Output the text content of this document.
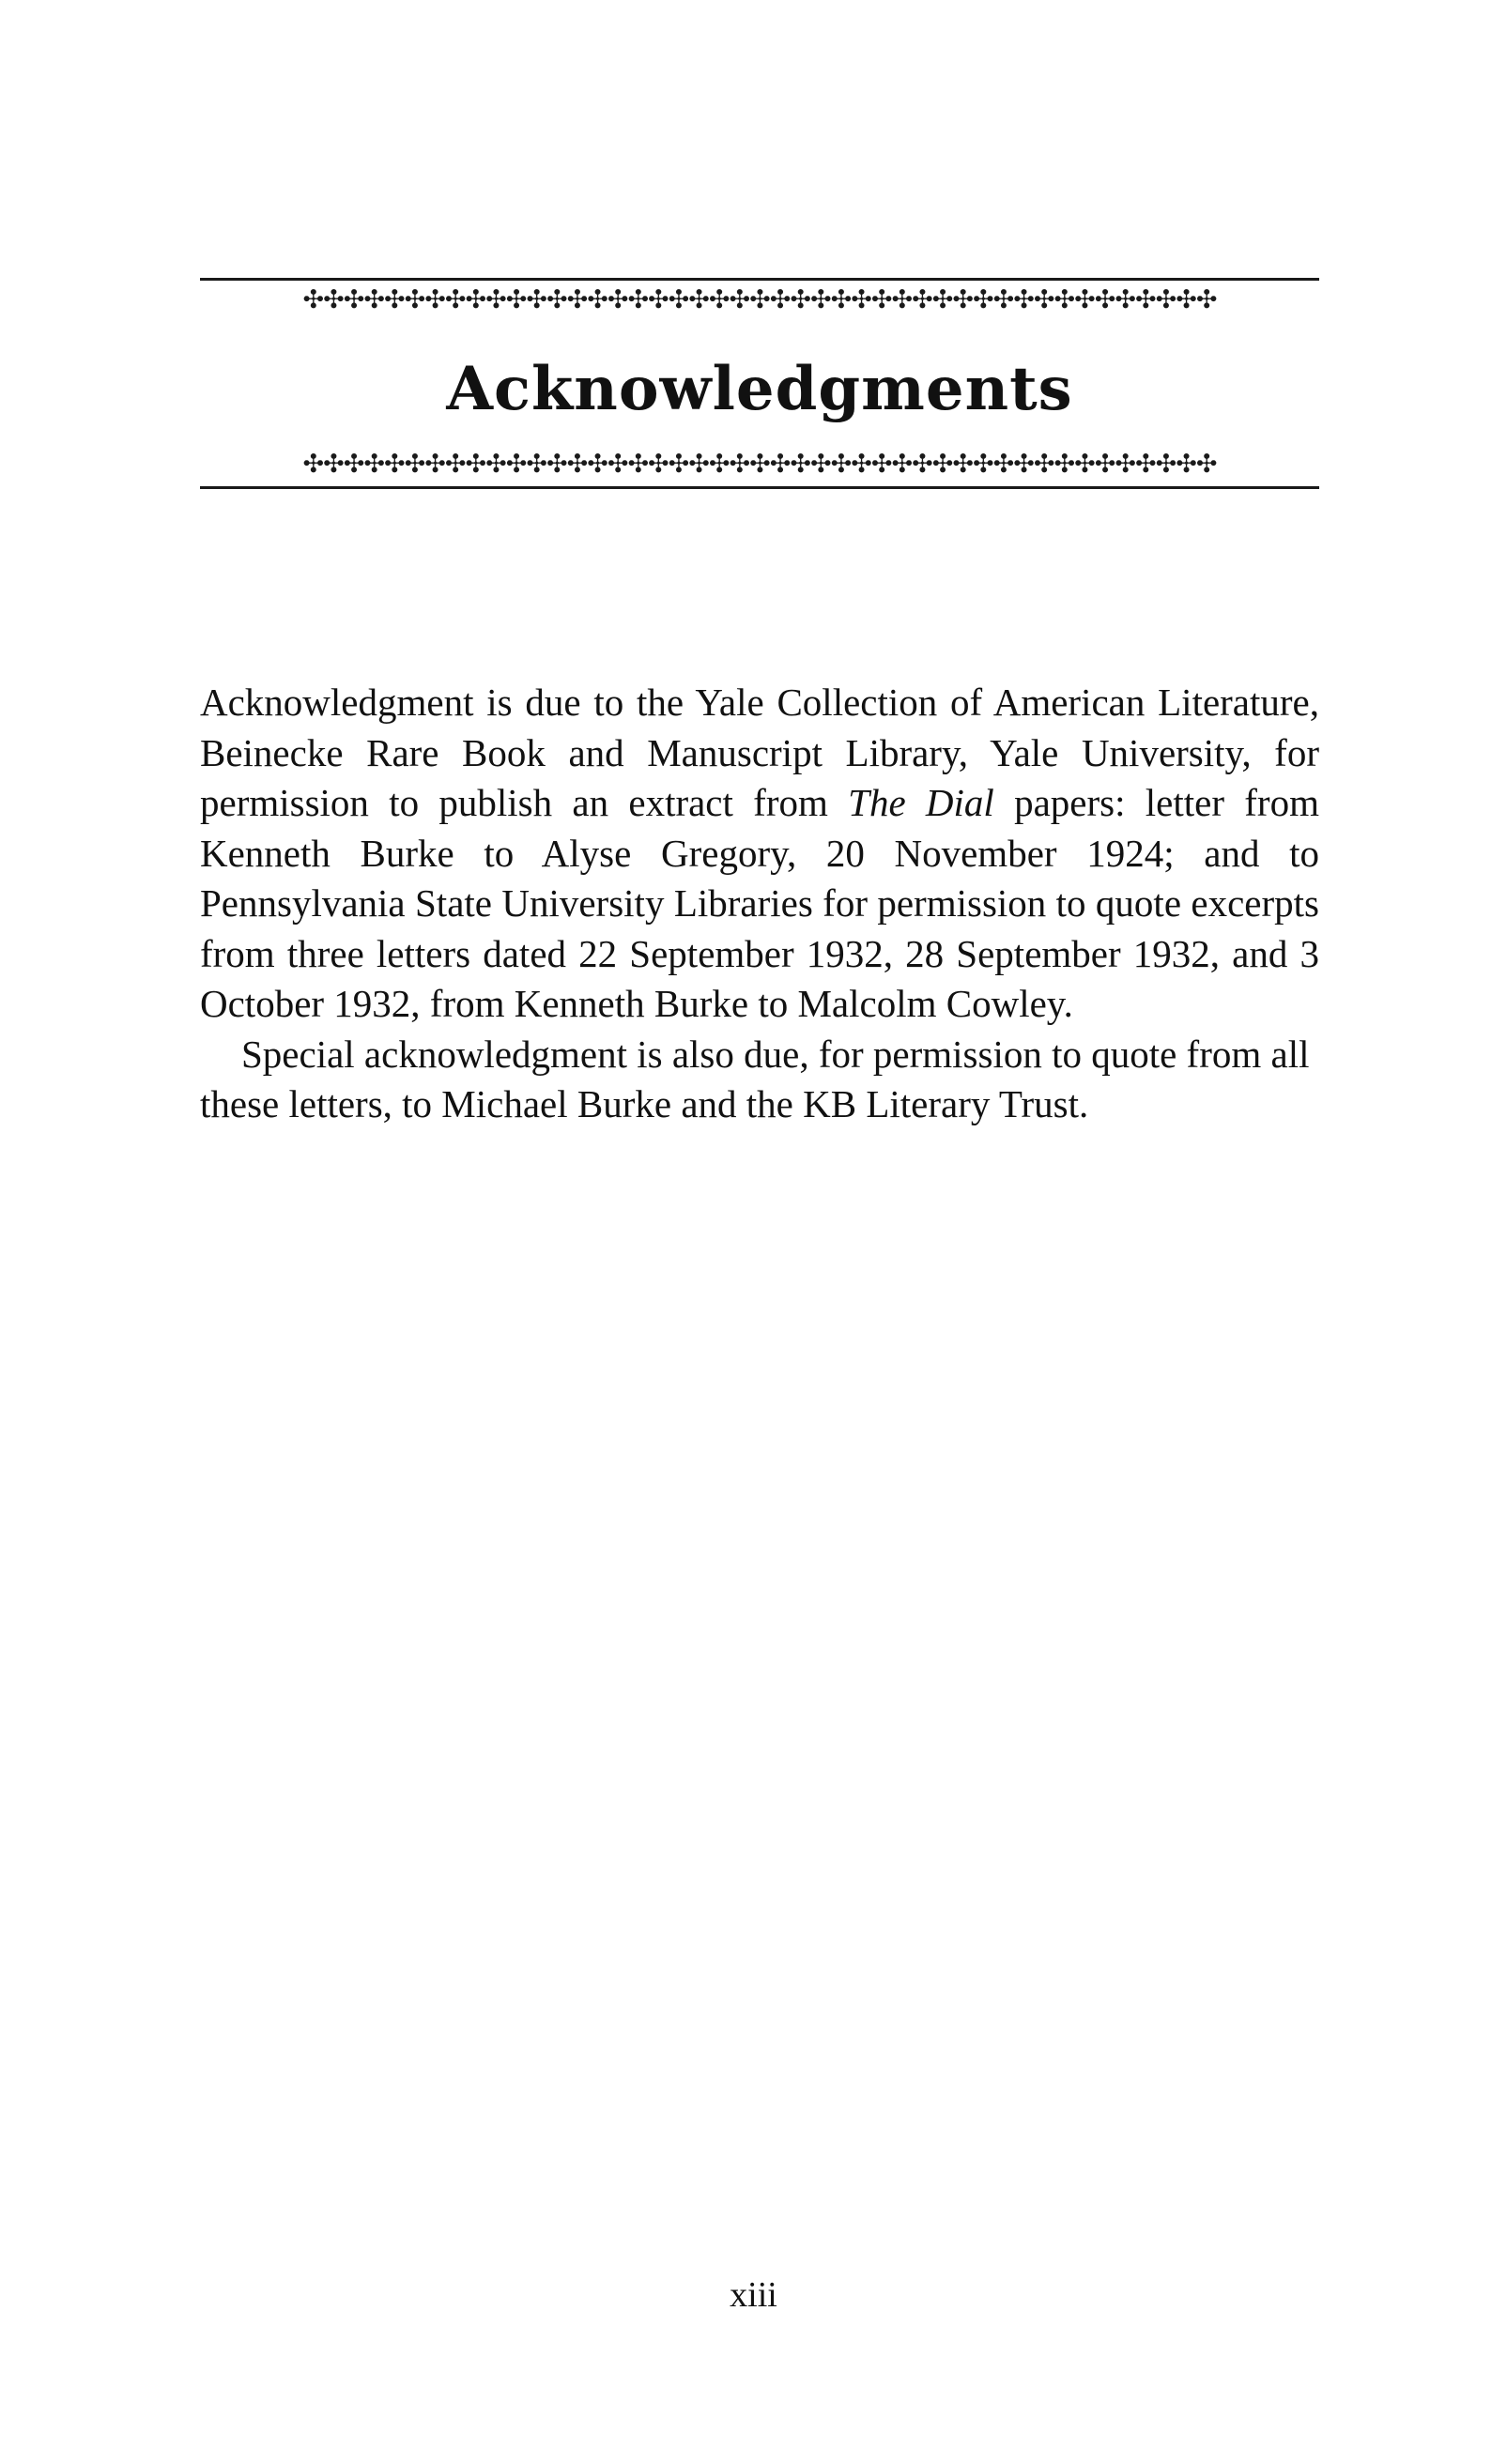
✣✣✣✣✣✣✣✣✣✣✣✣✣✣✣✣✣✣✣✣✣✣✣✣✣✣✣✣✣✣✣✣✣✣✣✣✣✣✣✣✣✣✣✣✣
Acknowledgments
✣✣✣✣✣✣✣✣✣✣✣✣✣✣✣✣✣✣✣✣✣✣✣✣✣✣✣✣✣✣✣✣✣✣✣✣✣✣✣✣✣✣✣✣✣

Acknowledgment is due to the Yale Collection of American Literature, Beinecke Rare Book and Manuscript Library, Yale University, for permission to publish an extract from The Dial papers: letter from Kenneth Burke to Alyse Gregory, 20 November 1924; and to Pennsylvania State University Libraries for permission to quote excerpts from three letters dated 22 September 1932, 28 September 1932, and 3 October 1932, from Kenneth Burke to Malcolm Cowley.

Special acknowledgment is also due, for permission to quote from all these letters, to Michael Burke and the KB Literary Trust.

xiii
